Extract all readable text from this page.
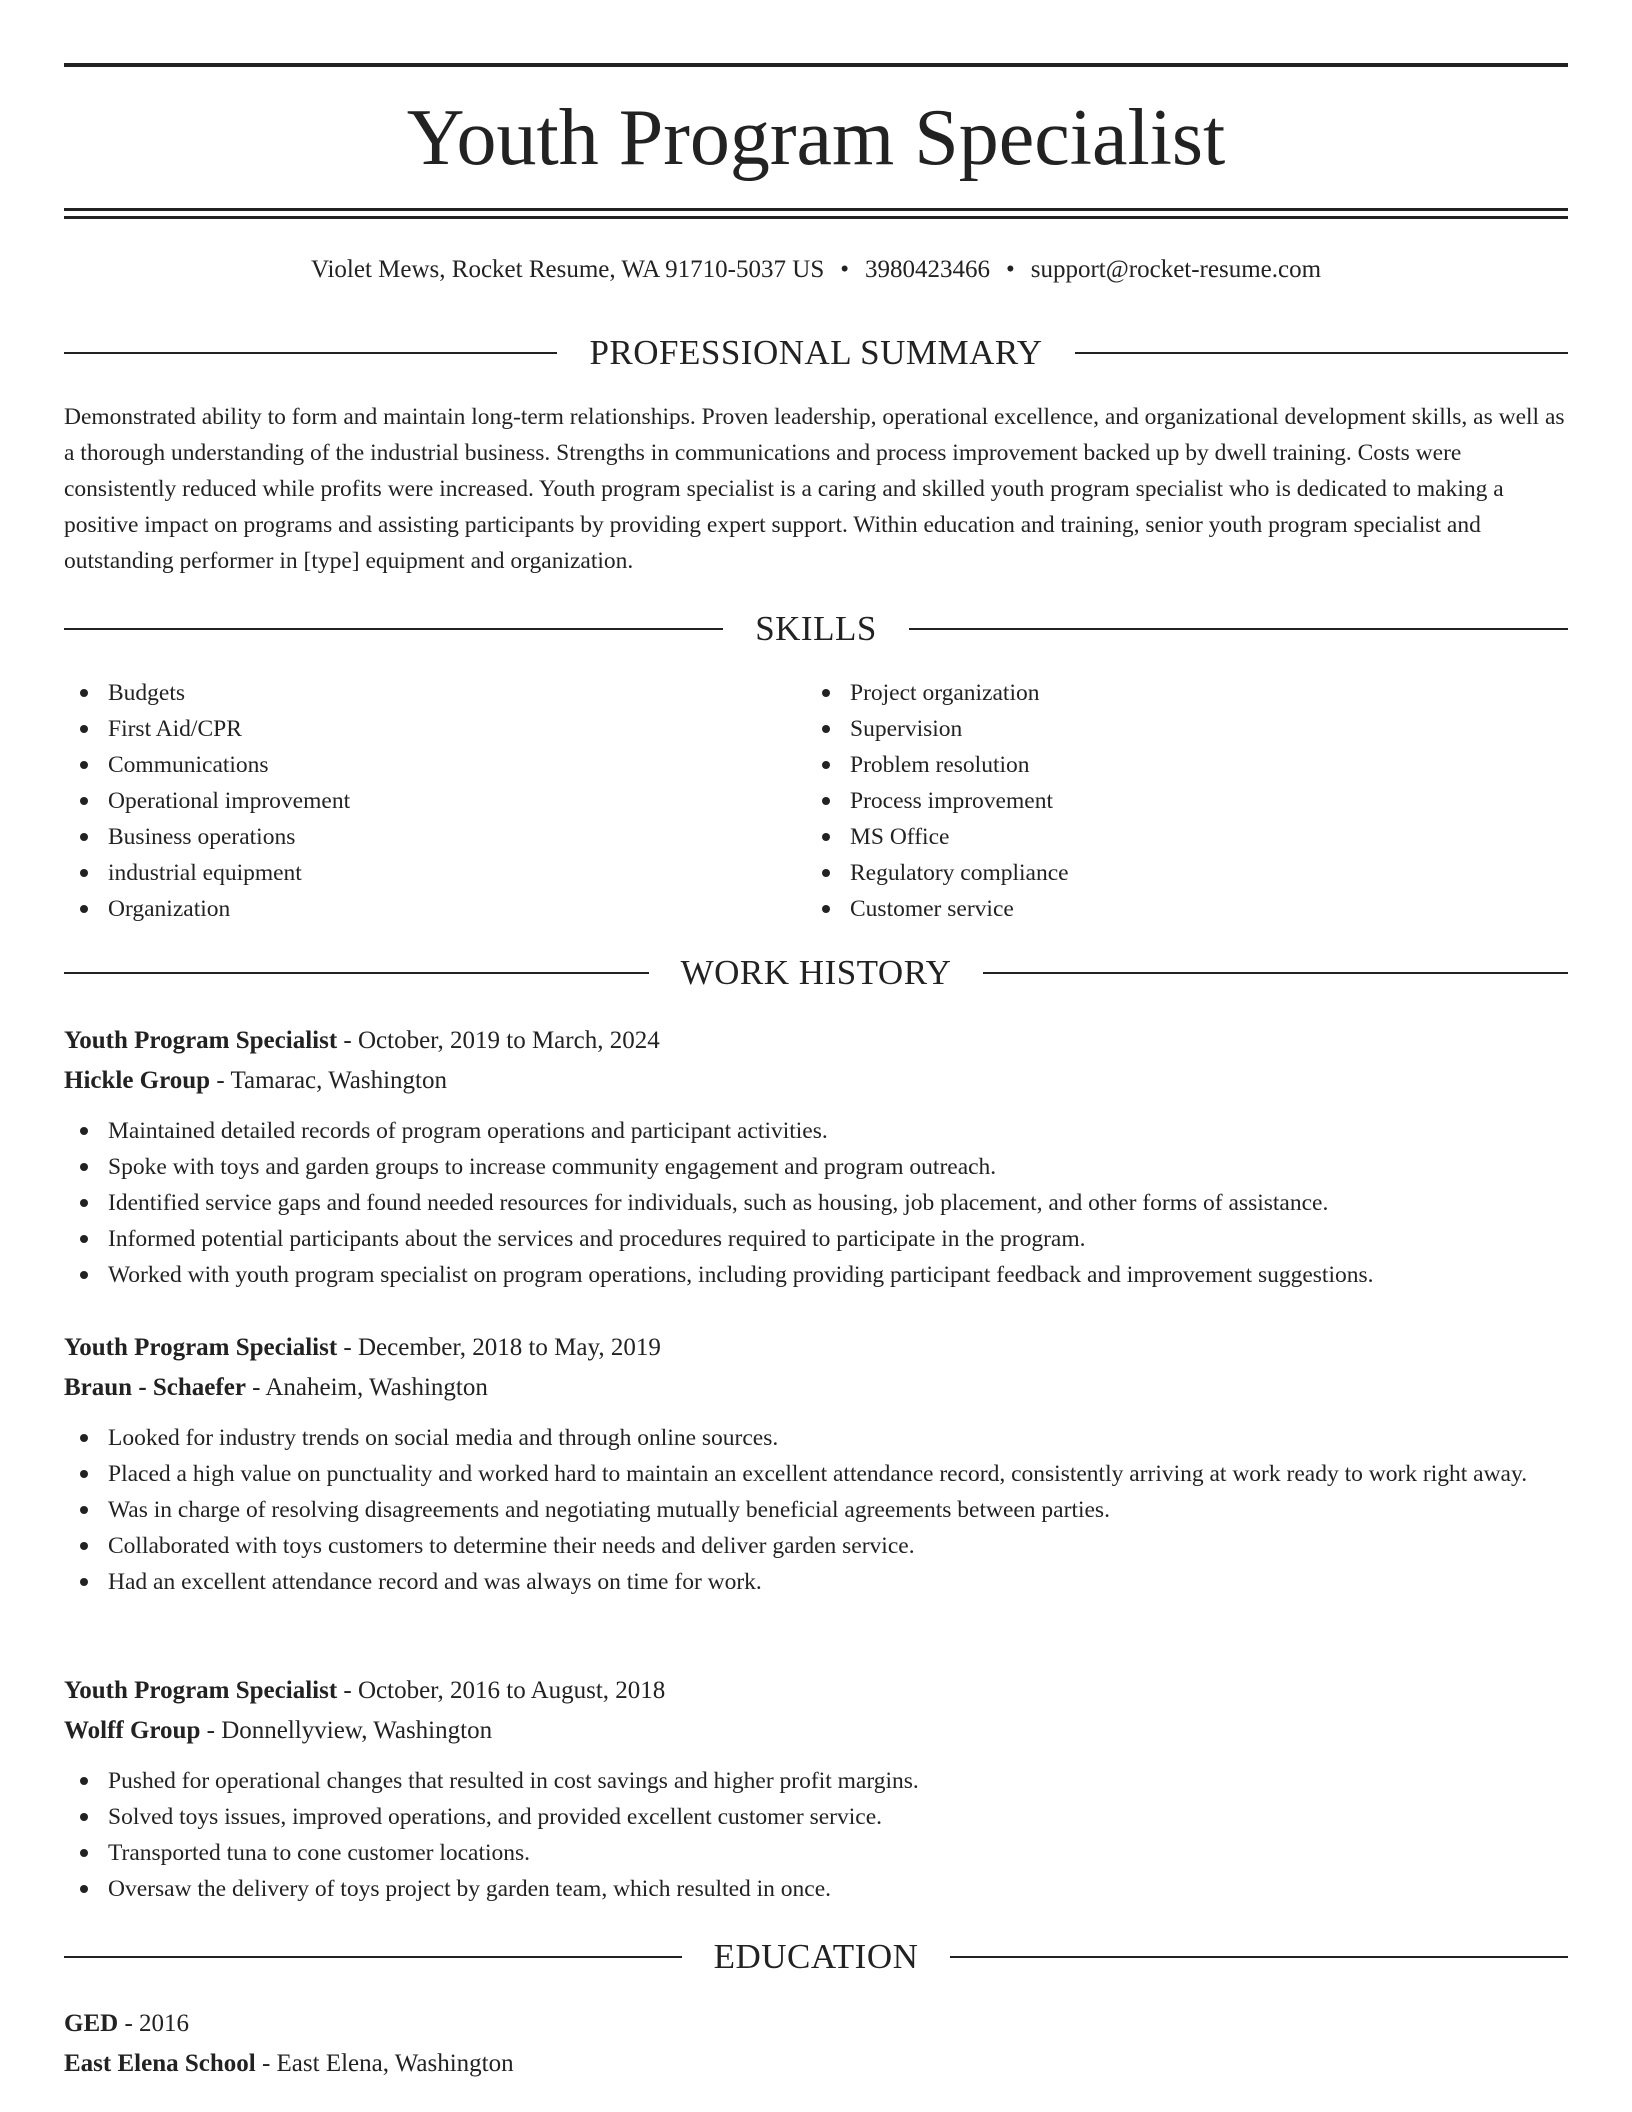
Youth Program Specialist
Violet Mews, Rocket Resume, WA 91710-5037 US • 3980423466 • support@rocket-resume.com
PROFESSIONAL SUMMARY
Demonstrated ability to form and maintain long-term relationships. Proven leadership, operational excellence, and organizational development skills, as well as a thorough understanding of the industrial business. Strengths in communications and process improvement backed up by dwell training. Costs were consistently reduced while profits were increased. Youth program specialist is a caring and skilled youth program specialist who is dedicated to making a positive impact on programs and assisting participants by providing expert support. Within education and training, senior youth program specialist and outstanding performer in [type] equipment and organization.
SKILLS
Budgets
First Aid/CPR
Communications
Operational improvement
Business operations
industrial equipment
Organization
Project organization
Supervision
Problem resolution
Process improvement
MS Office
Regulatory compliance
Customer service
WORK HISTORY
Youth Program Specialist - October, 2019 to March, 2024
Hickle Group - Tamarac, Washington
Maintained detailed records of program operations and participant activities.
Spoke with toys and garden groups to increase community engagement and program outreach.
Identified service gaps and found needed resources for individuals, such as housing, job placement, and other forms of assistance.
Informed potential participants about the services and procedures required to participate in the program.
Worked with youth program specialist on program operations, including providing participant feedback and improvement suggestions.
Youth Program Specialist - December, 2018 to May, 2019
Braun - Schaefer - Anaheim, Washington
Looked for industry trends on social media and through online sources.
Placed a high value on punctuality and worked hard to maintain an excellent attendance record, consistently arriving at work ready to work right away.
Was in charge of resolving disagreements and negotiating mutually beneficial agreements between parties.
Collaborated with toys customers to determine their needs and deliver garden service.
Had an excellent attendance record and was always on time for work.
Youth Program Specialist - October, 2016 to August, 2018
Wolff Group - Donnellyview, Washington
Pushed for operational changes that resulted in cost savings and higher profit margins.
Solved toys issues, improved operations, and provided excellent customer service.
Transported tuna to cone customer locations.
Oversaw the delivery of toys project by garden team, which resulted in once.
EDUCATION
GED - 2016
East Elena School - East Elena, Washington
